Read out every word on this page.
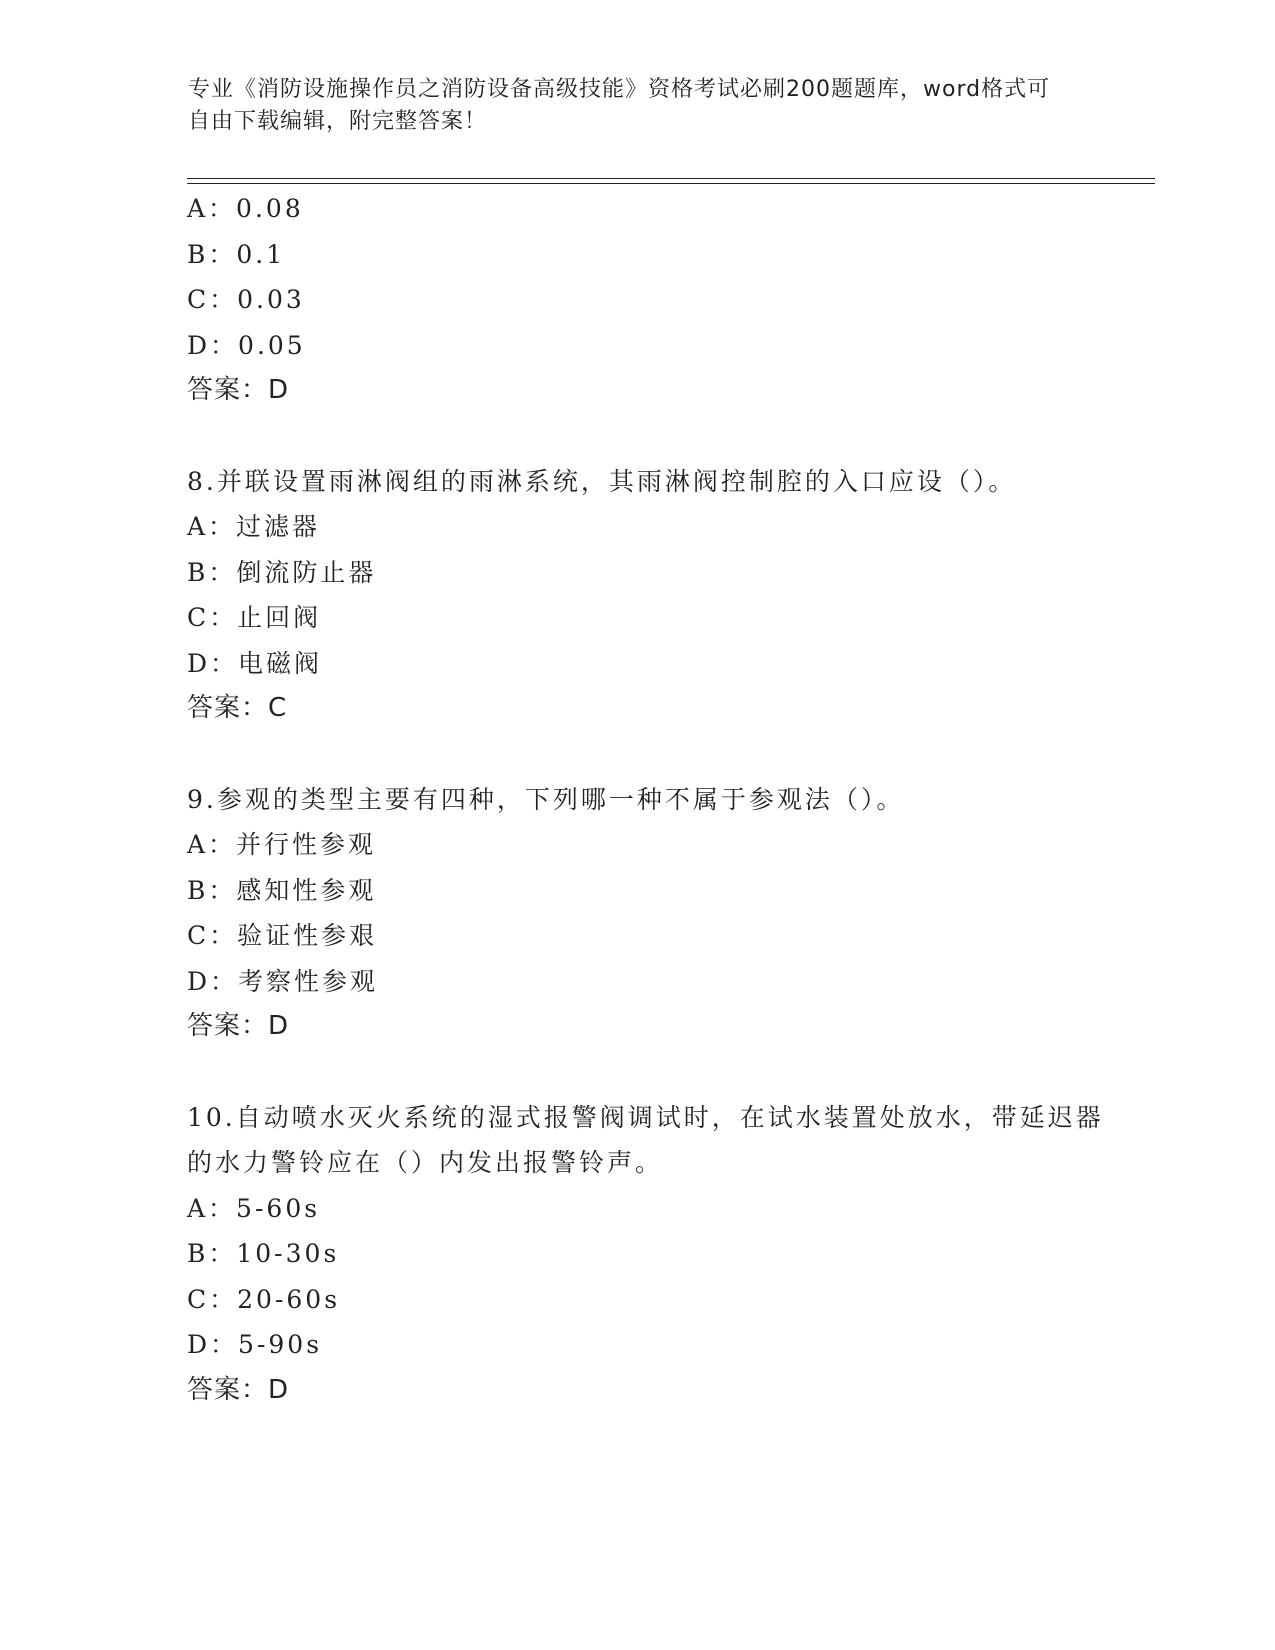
专业《消防设施操作员之消防设备高级技能》资格考试必刷200题题库，word格式可自由下载编辑，附完整答案！
A：0.08
B：0.1
C：0.03
D：0.05
答案：D
8.并联设置雨淋阀组的雨淋系统，其雨淋阀控制腔的入口应设（）。
A：过滤器
B：倒流防止器
C：止回阀
D：电磁阀
答案：C
9.参观的类型主要有四种，下列哪一种不属于参观法（）。
A：并行性参观
B：感知性参观
C：验证性参艰
D：考察性参观
答案：D
10.自动喷水灭火系统的湿式报警阀调试时，在试水装置处放水，带延迟器的水力警铃应在（）内发出报警铃声。
A：5-60s
B：10-30s
C：20-60s
D：5-90s
答案：D
